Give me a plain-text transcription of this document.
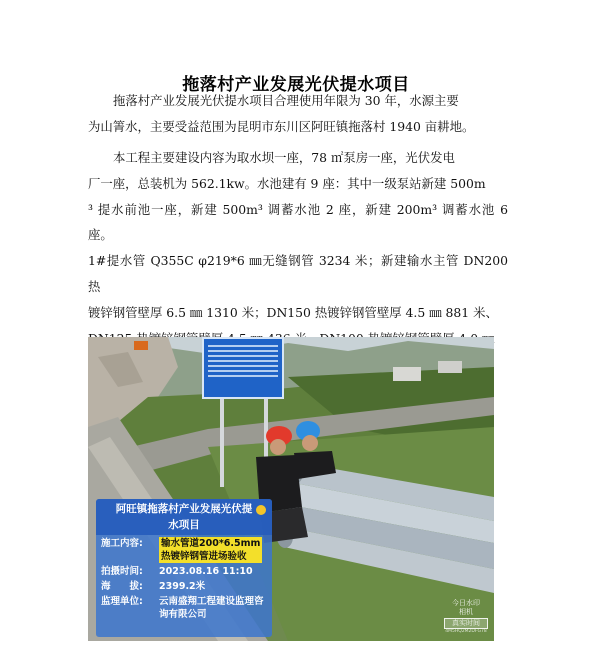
拖落村产业发展光伏提水项目
拖落村产业发展光伏提水项目合理使用年限为 30 年，水源主要
为山箐水，主要受益范围为昆明市东川区阿旺镇拖落村 1940 亩耕地。
本工程主要建设内容为取水坝一座，78 ㎡泵房一座，光伏发电
厂一座，总装机为 562.1kw。水池建有 9 座：其中一级泵站新建 500m
³ 提水前池一座，新建 500m³ 调蓄水池 2 座，新建 200m³ 调蓄水池 6 座。
1#提水管 Q355C φ219*6 ㎜无缝钢管 3234 米；新建输水主管 DN200 热
镀锌钢管壁厚 6.5 ㎜ 1310 米；DN150 热镀锌钢管壁厚 4.5 ㎜ 881 米、

阿旺镇拖落村产业发展光伏提
水项目
施工内容:	输水管道200*6.5mm
热镀锌钢管进场验收
拍摄时间:	2023.08.16 11:10
海　　拔:	2399.2米
监理单位:	云南盛翔工程建设监理咨
询有限公司
今日水印
相机
真实时间
4M5HQ2M2DFG78
